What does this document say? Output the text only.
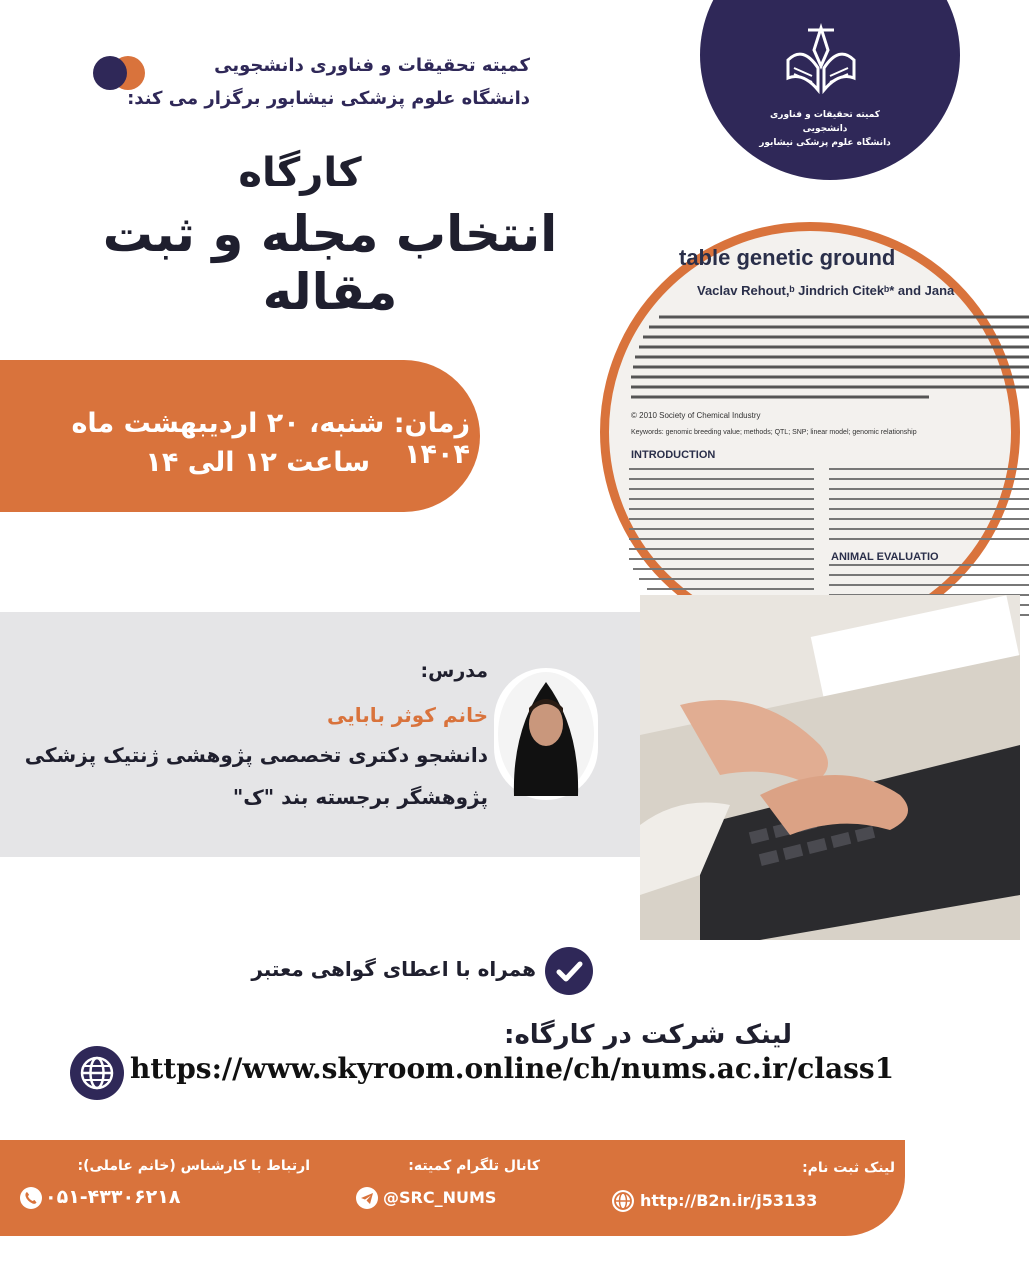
کمیته تحقیقات و فناوری دانشجویی
دانشگاه علوم پزشکی نیشابور
کمیته تحقیقات و فناوری دانشجویی
دانشگاه علوم پزشکی نیشابور برگزار می کند:
کارگاه
انتخاب مجله و ثبت مقاله
زمان: شنبه، ۲۰ اردیبهشت ماه ۱۴۰۴
ساعت ۱۲ الی ۱۴
table genetic ground
Vaclav Rehout,ᵇ Jindrich Citekᵇ* and Jana
© 2010 Society of Chemical Industry
Keywords: genomic breeding value; methods; QTL; SNP; linear model; genomic relationship
INTRODUCTION
ANIMAL EVALUATIO
مدرس:
خانم کوثر بابایی
دانشجو دکتری تخصصی پژوهشی ژنتیک پزشکی
پژوهشگر برجسته بند "ک"
همراه با اعطای گواهی معتبر
لینک شرکت در کارگاه:
https://www.skyroom.online/ch/nums.ac.ir/class1
لینک ثبت نام:
http://B2n.ir/j53133
کانال تلگرام کمیته:
@SRC_NUMS
ارتباط با کارشناس (خانم عاملی):
۰۵۱-۴۳۳۰۶۲۱۸
